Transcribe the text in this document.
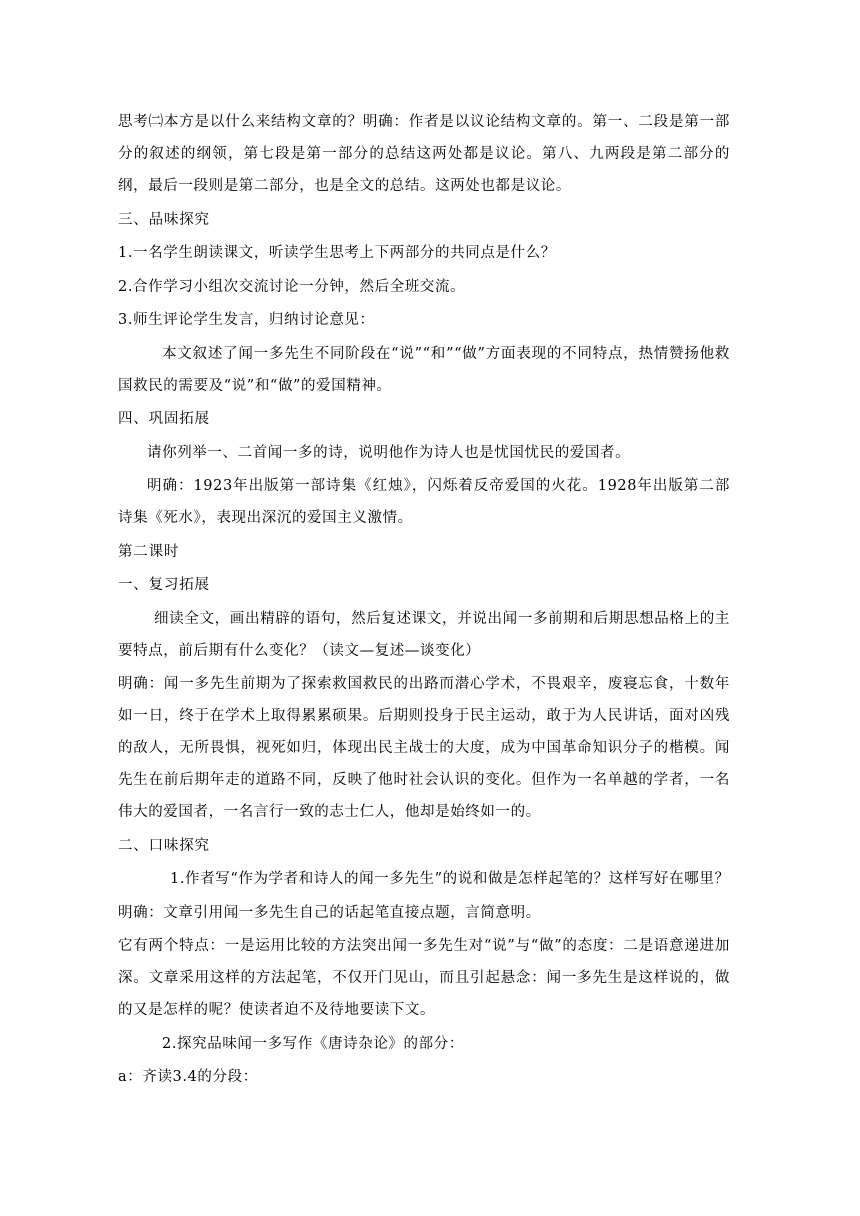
思考㈡本方是以什么来结构文章的？明确：作者是以议论结构文章的。第一、二段是第一部分的叙述的纲领，第七段是第一部分的总结这两处都是议论。第八、九两段是第二部分的纲，最后一段则是第二部分，也是全文的总结。这两处也都是议论。

三、品味探究

1.一名学生朗读课文，听读学生思考上下两部分的共同点是什么？

2.合作学习小组次交流讨论一分钟，然后全班交流。

3.师生评论学生发言，归纳讨论意见：

本文叙述了闻一多先生不同阶段在“说”“和”“做”方面表现的不同特点，热情赞扬他救国救民的需要及“说”和“做”的爱国精神。

四、巩固拓展

请你列举一、二首闻一多的诗，说明他作为诗人也是忧国忧民的爱国者。

明确：1923年出版第一部诗集《红烛》，闪烁着反帝爱国的火花。1928年出版第二部诗集《死水》，表现出深沉的爱国主义激情。

第二课时

一、复习拓展

细读全文，画出精辟的语句，然后复述课文，并说出闻一多前期和后期思想品格上的主要特点，前后期有什么变化？（读文—复述—谈变化）

明确：闻一多先生前期为了探索救国救民的出路而潜心学术，不畏艰辛，废寝忘食，十数年如一日，终于在学术上取得累累硕果。后期则投身于民主运动，敢于为人民讲话，面对凶残的敌人，无所畏惧，视死如归，体现出民主战士的大度，成为中国革命知识分子的楷模。闻先生在前后期年走的道路不同，反映了他时社会认识的变化。但作为一名单越的学者，一名伟大的爱国者，一名言行一致的志士仁人，他却是始终如一的。

二、口味探究

1.作者写“作为学者和诗人的闻一多先生”的说和做是怎样起笔的？这样写好在哪里？

明确：文章引用闻一多先生自己的话起笔直接点题，言简意明。

它有两个特点：一是运用比较的方法突出闻一多先生对“说”与“做”的态度：二是语意递进加深。文章采用这样的方法起笔，不仅开门见山，而且引起悬念：闻一多先生是这样说的，做的又是怎样的呢？使读者迫不及待地要读下文。

2.探究品味闻一多写作《唐诗杂论》的部分：

a：齐读3.4的分段：
